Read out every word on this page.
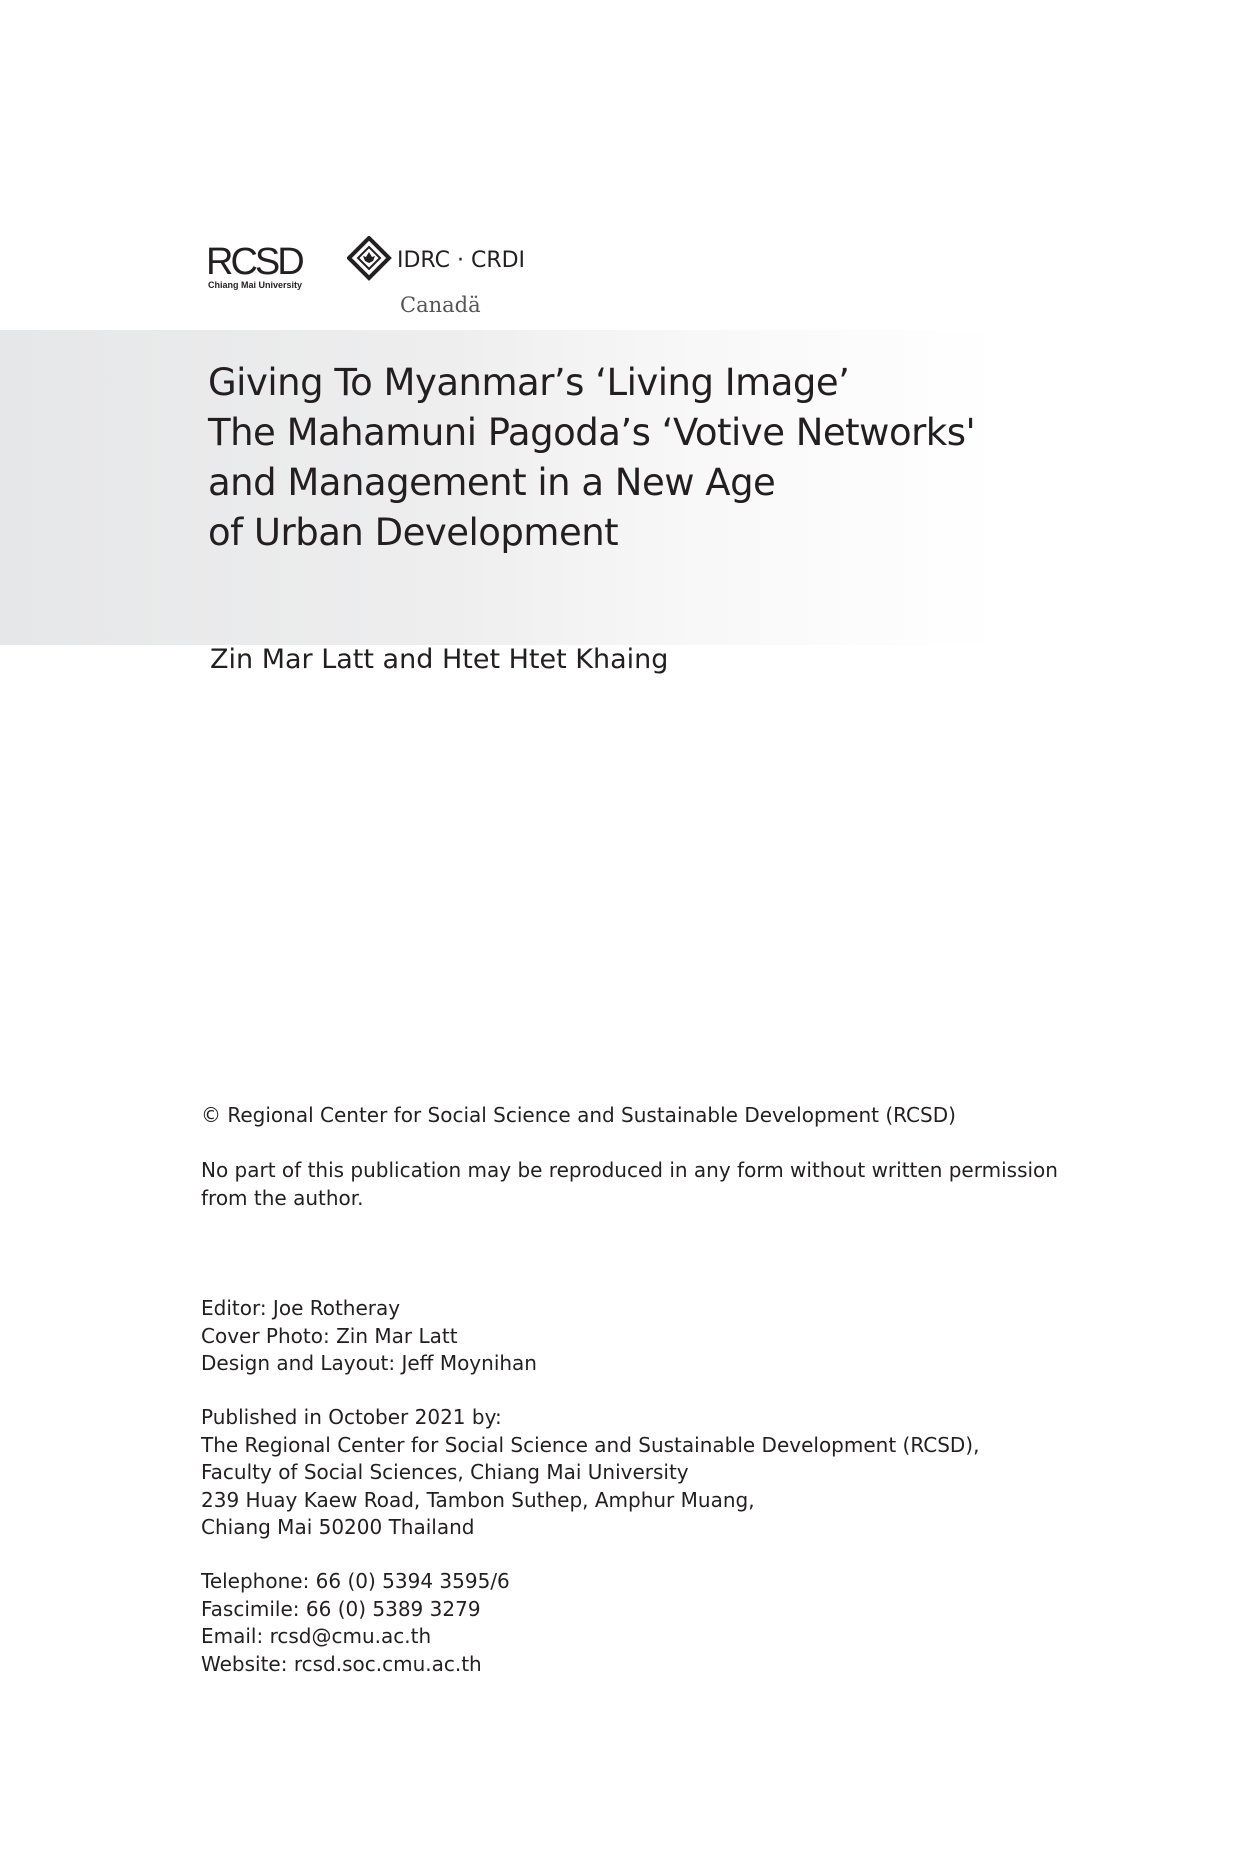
RCSD
Chiang Mai University
IDRC · CRDI
Canadä
Giving To Myanmar’s ‘Living Image’
The Mahamuni Pagoda’s ‘Votive Networks'
and Management in a New Age
of Urban Development
Zin Mar Latt and Htet Htet Khaing
© Regional Center for Social Science and Sustainable Development (RCSD)
No part of this publication may be reproduced in any form without written permission
from the author.
Editor: Joe Rotheray
Cover Photo: Zin Mar Latt
Design and Layout: Jeff Moynihan
Published in October 2021 by:
The Regional Center for Social Science and Sustainable Development (RCSD),
Faculty of Social Sciences, Chiang Mai University
239 Huay Kaew Road, Tambon Suthep, Amphur Muang,
Chiang Mai 50200 Thailand
Telephone: 66 (0) 5394 3595/6
Fascimile: 66 (0) 5389 3279
Email: rcsd@cmu.ac.th
Website: rcsd.soc.cmu.ac.th
